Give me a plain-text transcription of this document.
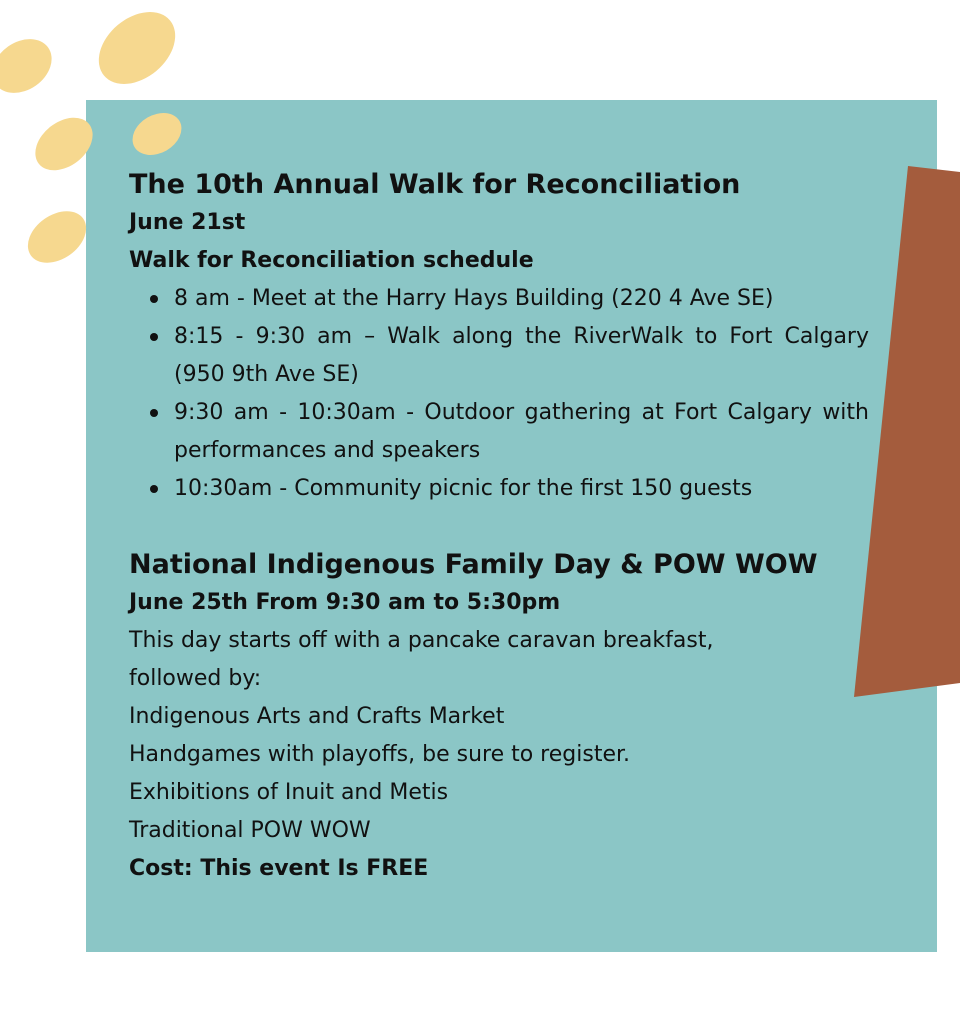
The 10th Annual Walk for Reconciliation
June 21st
Walk for Reconciliation schedule
8 am - Meet at the Harry Hays Building (220 4 Ave SE)
8:15 - 9:30 am – Walk along the RiverWalk to Fort Calgary (950 9th Ave SE)
9:30 am - 10:30am - Outdoor gathering at Fort Calgary with performances and speakers
10:30am - Community picnic for the first 150 guests
National Indigenous Family Day & POW WOW
June 25th From 9:30 am to 5:30pm
This day starts off with a pancake caravan breakfast,
followed by:
Indigenous Arts and Crafts Market
Handgames with playoffs, be sure to register.
Exhibitions of Inuit and Metis
Traditional POW WOW
Cost: This event Is FREE
